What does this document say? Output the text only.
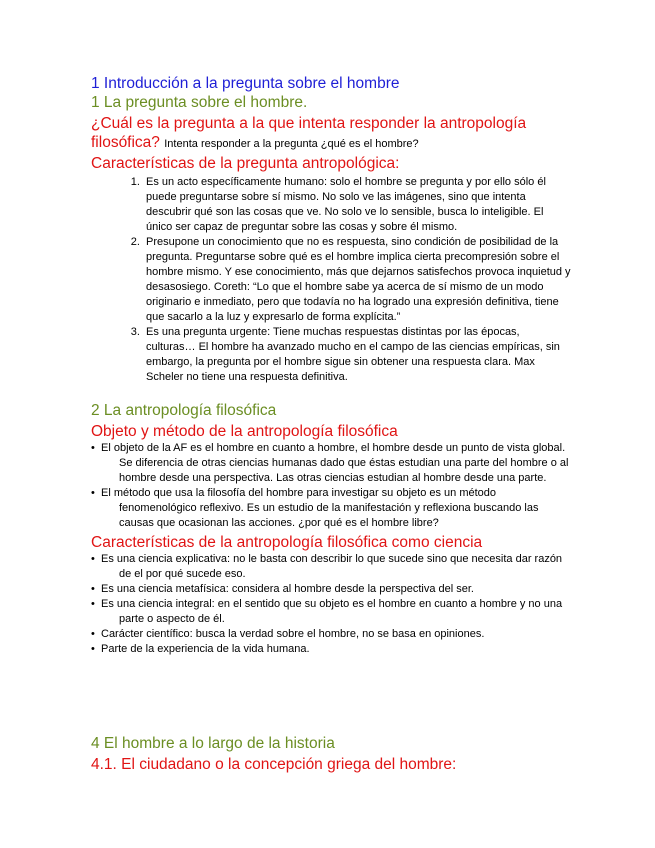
1 Introducción a la pregunta sobre el hombre

1 La pregunta sobre el hombre.

¿Cuál es la pregunta a la que intenta responder la antropología filosófica? Intenta responder a la pregunta ¿qué es el hombre?

Características de la pregunta antropológica:

1. Es un acto específicamente humano: solo el hombre se pregunta y por ello sólo él puede preguntarse sobre sí mismo. No solo ve las imágenes, sino que intenta descubrir qué son las cosas que ve. No solo ve lo sensible, busca lo inteligible. El único ser capaz de preguntar sobre las cosas y sobre él mismo.
2. Presupone un conocimiento que no es respuesta, sino condición de posibilidad de la pregunta. Preguntarse sobre qué es el hombre implica cierta precompresión sobre el hombre mismo. Y ese conocimiento, más que dejarnos satisfechos provoca inquietud y desasosiego. Coreth: “Lo que el hombre sabe ya acerca de sí mismo de un modo originario e inmediato, pero que todavía no ha logrado una expresión definitiva, tiene que sacarlo a la luz y expresarlo de forma explícita.”
3. Es una pregunta urgente: Tiene muchas respuestas distintas por las épocas, culturas… El hombre ha avanzado mucho en el campo de las ciencias empíricas, sin embargo, la pregunta por el hombre sigue sin obtener una respuesta clara. Max Scheler no tiene una respuesta definitiva.

2 La antropología filosófica

Objeto y método de la antropología filosófica

• El objeto de la AF es el hombre en cuanto a hombre, el hombre desde un punto de vista global. Se diferencia de otras ciencias humanas dado que éstas estudian una parte del hombre o al hombre desde una perspectiva. Las otras ciencias estudian al hombre desde una parte.
• El método que usa la filosofía del hombre para investigar su objeto es un método fenomenológico reflexivo. Es un estudio de la manifestación y reflexiona buscando las causas que ocasionan las acciones. ¿por qué es el hombre libre?

Características de la antropología filosófica como ciencia

• Es una ciencia explicativa: no le basta con describir lo que sucede sino que necesita dar razón de el por qué sucede eso.
• Es una ciencia metafísica: considera al hombre desde la perspectiva del ser.
• Es una ciencia integral: en el sentido que su objeto es el hombre en cuanto a hombre y no una parte o aspecto de él.
• Carácter científico: busca la verdad sobre el hombre, no se basa en opiniones.
• Parte de la experiencia de la vida humana.

4 El hombre a lo largo de la historia

4.1. El ciudadano o la concepción griega del hombre:
